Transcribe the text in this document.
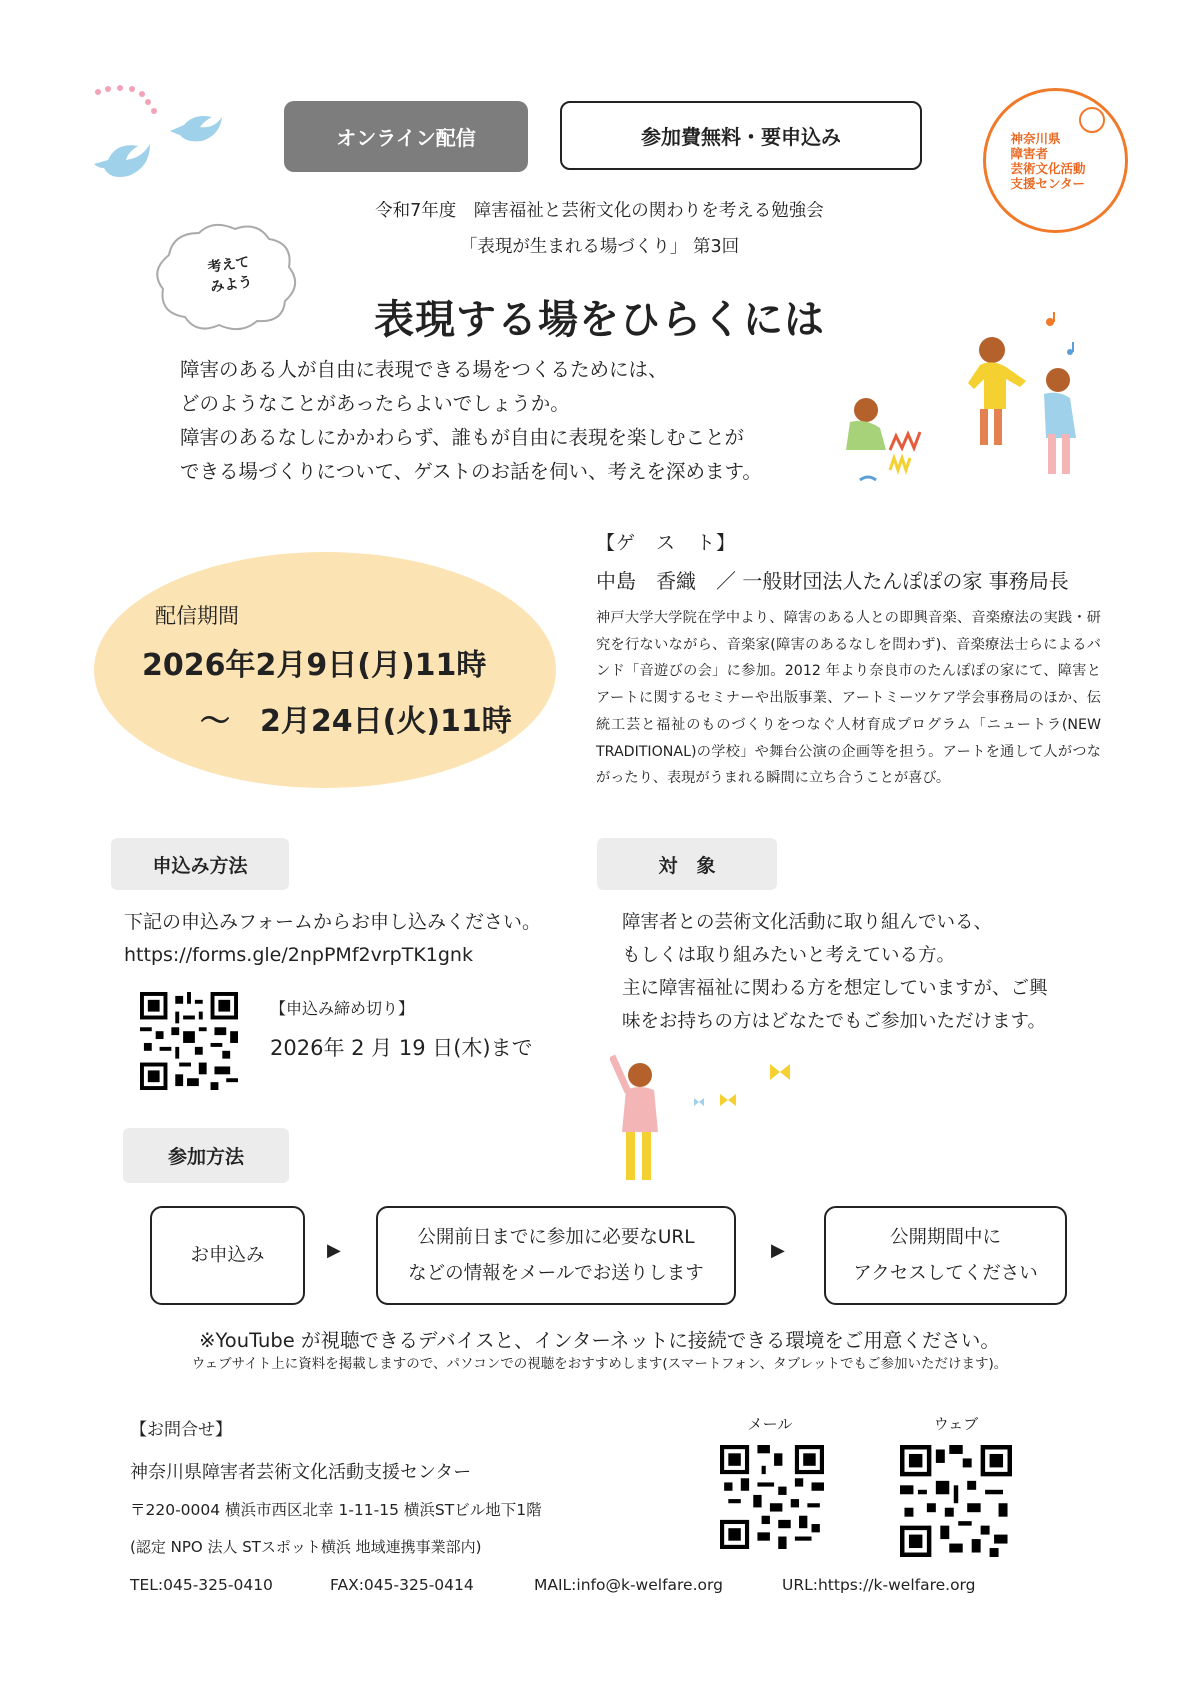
オンライン配信	参加費無料・要申込み	神奈川県
障害者
芸術文化活動
支援センター
令和7年度　障害福祉と芸術文化の関わりを考える勉強会
「表現が生まれる場づくり」 第3回
考えて
みよう
表現する場をひらくには
障害のある人が自由に表現できる場をつくるためには、
どのようなことがあったらよいでしょうか。
障害のあるなしにかかわらず、誰もが自由に表現を楽しむことが
できる場づくりについて、ゲストのお話を伺い、考えを深めます。
配信期間
2026年2月9日(月)11時
～　2月24日(火)11時
【ゲ　ス　ト】
中島　香織　／ 一般財団法人たんぽぽの家 事務局長
神戸大学大学院在学中より、障害のある人との即興音楽、音楽療法の実践・研究を行ないながら、音楽家(障害のあるなしを問わず)、音楽療法士らによるバンド「音遊びの会」に参加。2012 年より奈良市のたんぽぽの家にて、障害とアートに関するセミナーや出版事業、アートミーツケア学会事務局のほか、伝統工芸と福祉のものづくりをつなぐ人材育成プログラム「ニュートラ(NEW TRADITIONAL)の学校」や舞台公演の企画等を担う。アートを通して人がつながったり、表現がうまれる瞬間に立ち合うことが喜び。
申込み方法
下記の申込みフォームからお申し込みください。
https://forms.gle/2npPMf2vrpTK1gnk
【申込み締め切り】
2026年 2 月 19 日(木)まで
対　象
障害者との芸術文化活動に取り組んでいる、
もしくは取り組みたいと考えている方。
主に障害福祉に関わる方を想定していますが、ご興
味をお持ちの方はどなたでもご参加いただけます。
参加方法
お申込み	▶
公開前日までに参加に必要なURL
などの情報をメールでお送りします
▶
公開期間中に
アクセスしてください
※YouTube が視聴できるデバイスと、インターネットに接続できる環境をご用意ください。
ウェブサイト上に資料を掲載しますので、パソコンでの視聴をおすすめします(スマートフォン、タブレットでもご参加いただけます)。
【お問合せ】
神奈川県障害者芸術文化活動支援センター
〒220-0004 横浜市西区北幸 1-11-15 横浜STビル地下1階
(認定 NPO 法人 STスポット横浜 地域連携事業部内)
TEL:045-325-0410	FAX:045-325-0414	MAIL:info@k-welfare.org	URL:https://k-welfare.org
メール	ウェブ
